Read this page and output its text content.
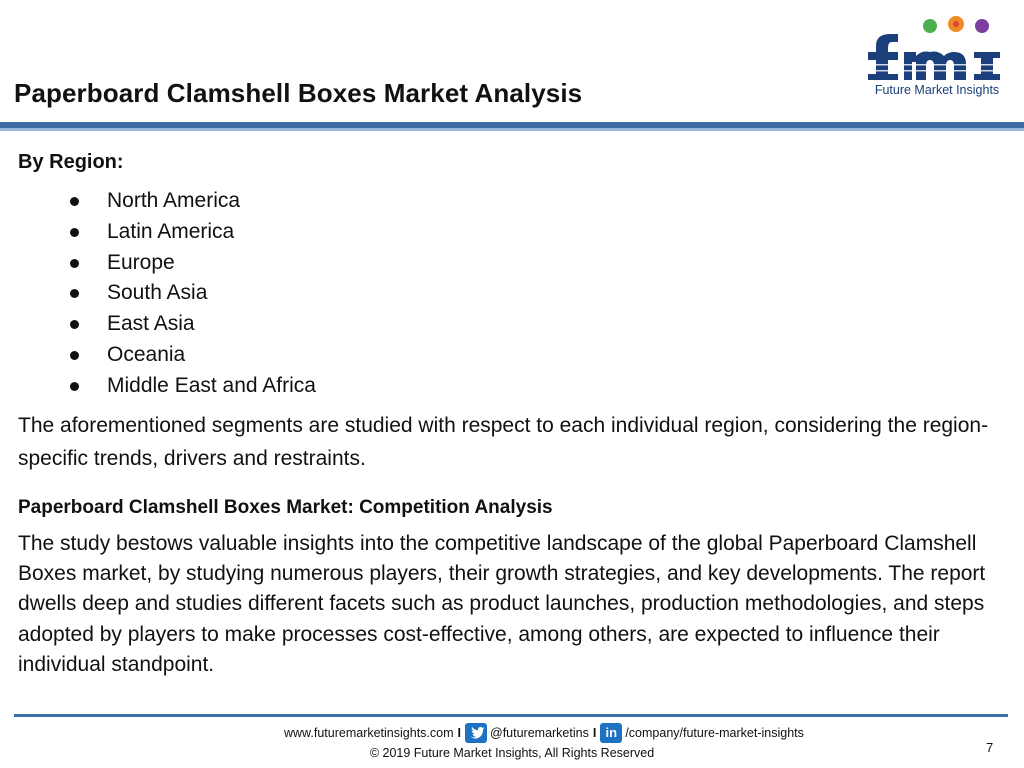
Paperboard Clamshell Boxes Market Analysis	Future Market Insights

By Region:

North America
Latin America
Europe
South Asia
East Asia
Oceania
Middle East and Africa

The aforementioned segments are studied with respect to each individual region, considering the region-specific trends, drivers and restraints.

Paperboard Clamshell Boxes Market: Competition Analysis

The study bestows valuable insights into the competitive landscape of the global Paperboard Clamshell Boxes market, by studying numerous players, their growth strategies, and key developments. The report dwells deep and studies different facets such as product launches, production methodologies, and steps adopted by players to make processes cost-effective, among others, are expected to influence their individual standpoint.

www.futuremarketinsights.com I @futuremarketins I in /company/future-market-insights
© 2019 Future Market Insights, All Rights Reserved	7
